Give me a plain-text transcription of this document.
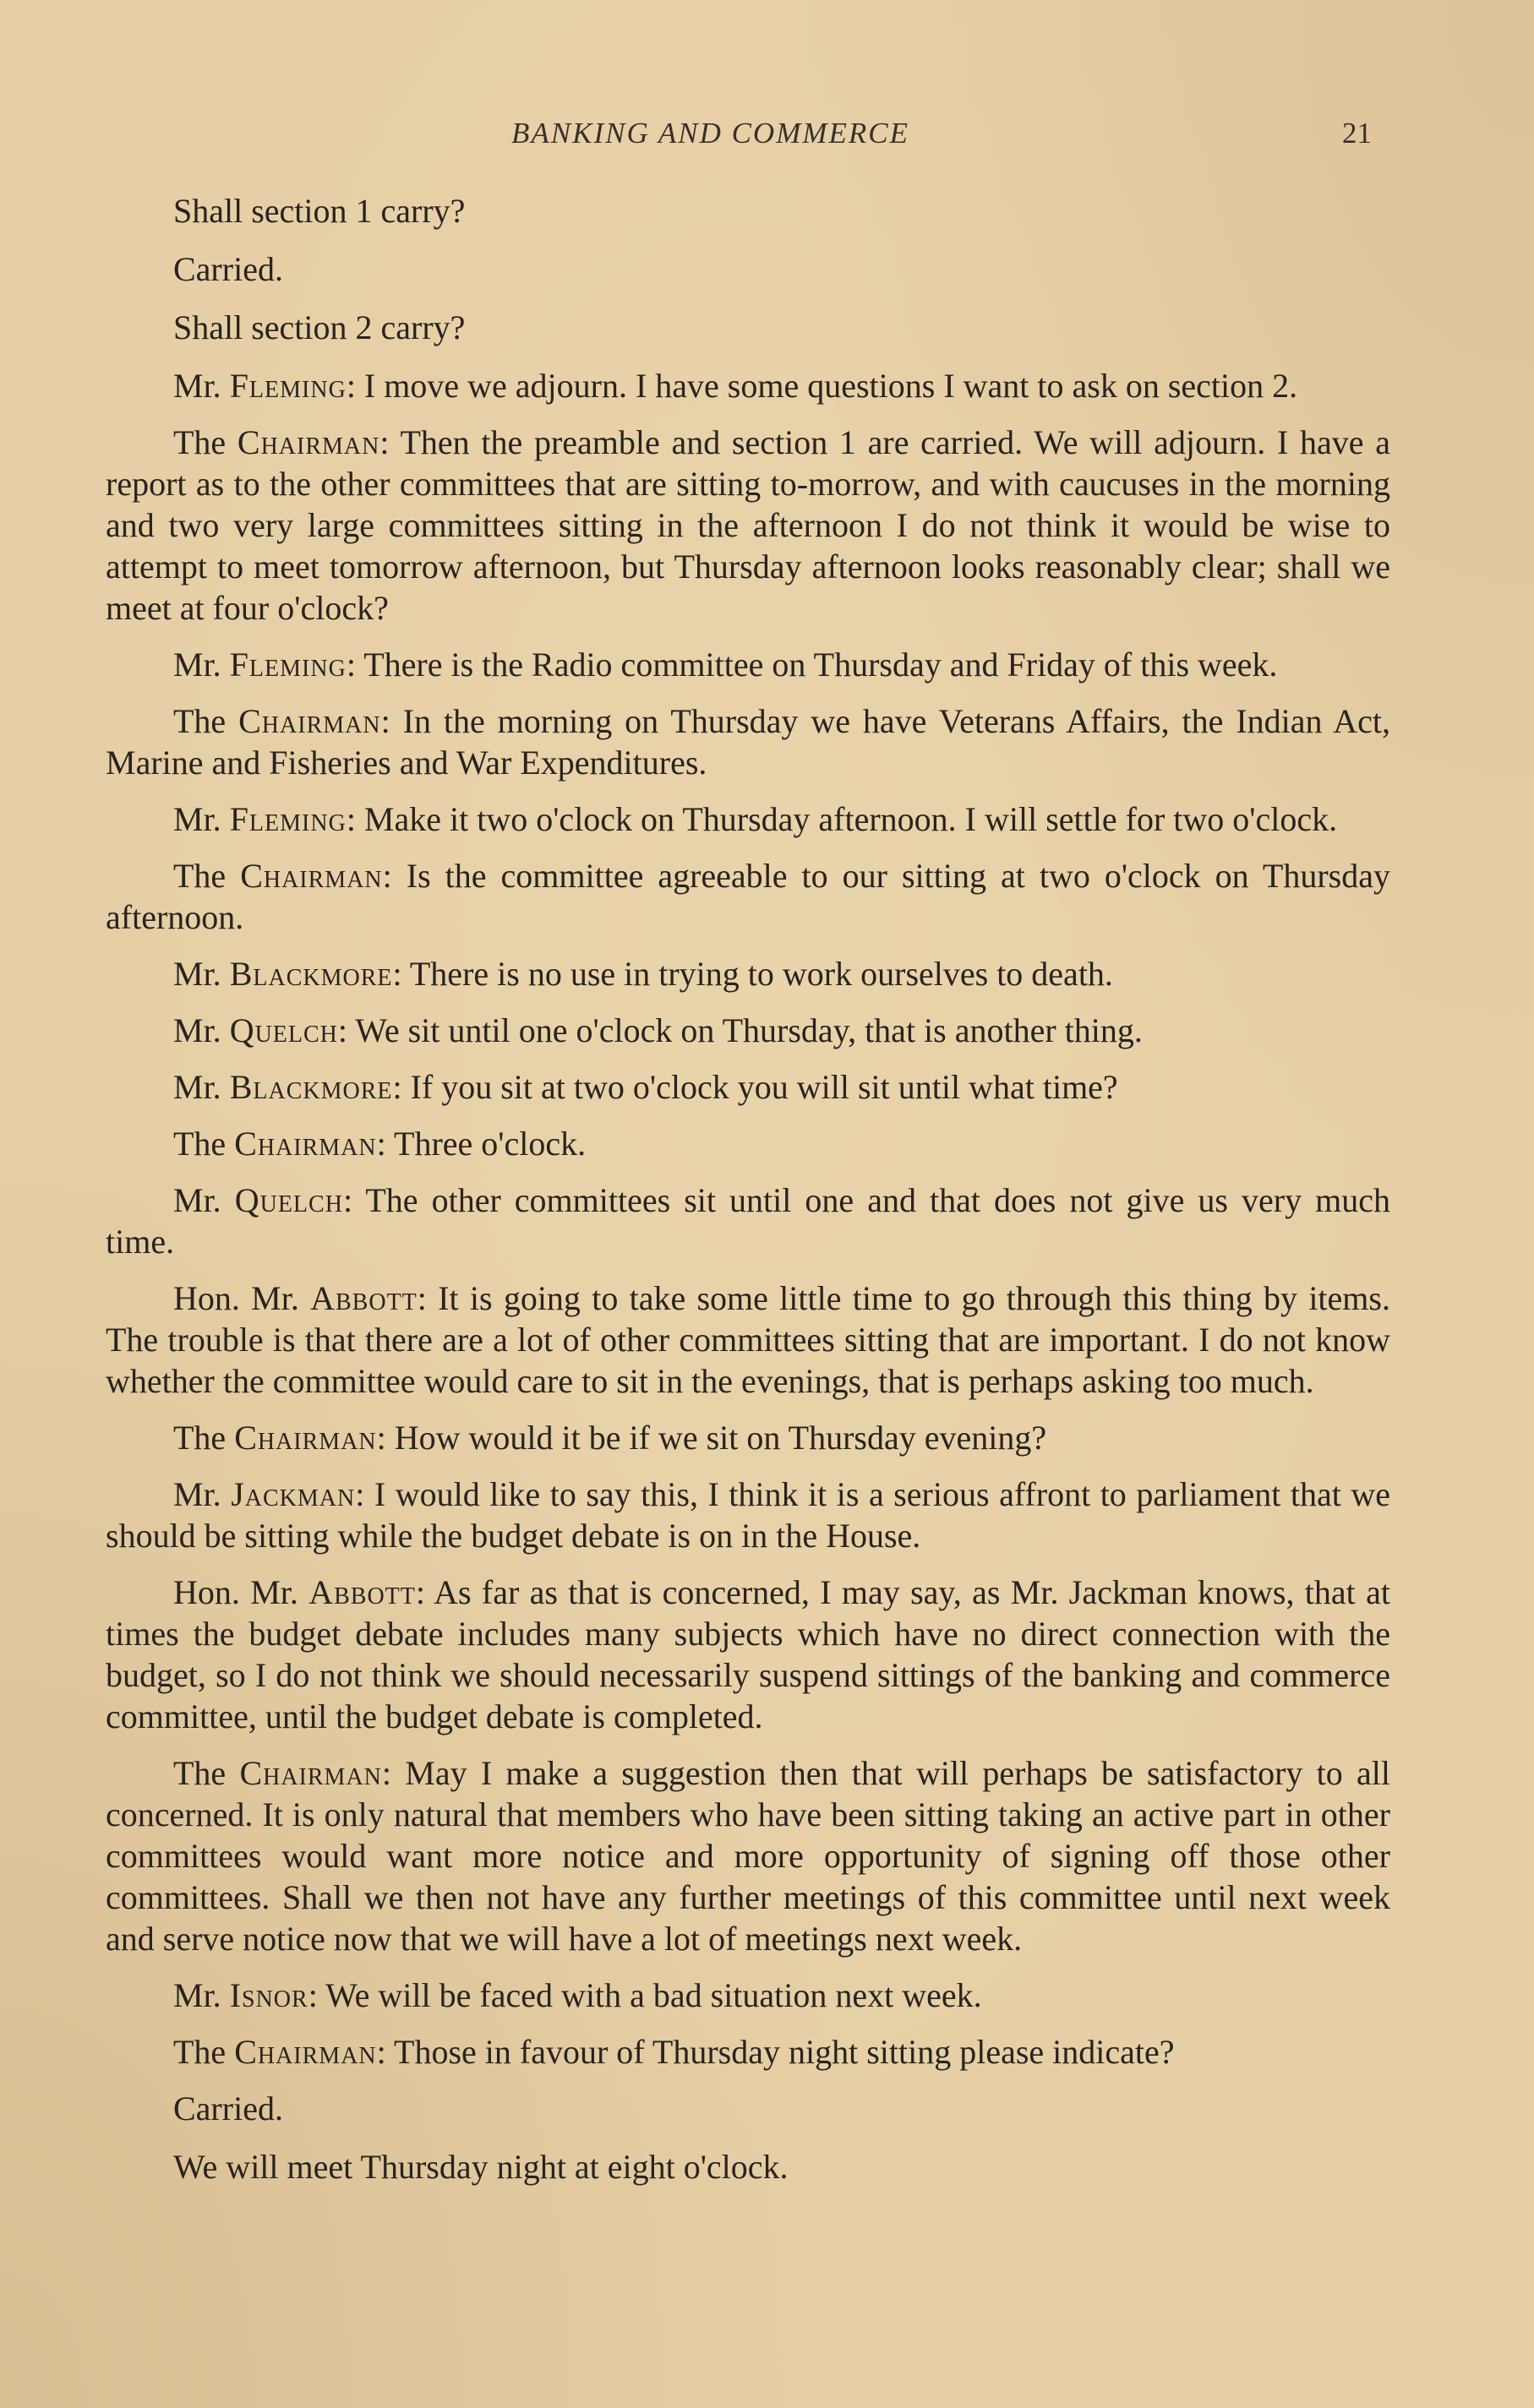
BANKING AND COMMERCE	21

Shall section 1 carry?

Carried.

Shall section 2 carry?

Mr. Fleming: I move we adjourn. I have some questions I want to ask on section 2.

The Chairman: Then the preamble and section 1 are carried. We will adjourn. I have a report as to the other committees that are sitting to-morrow, and with caucuses in the morning and two very large committees sitting in the afternoon I do not think it would be wise to attempt to meet tomorrow afternoon, but Thursday afternoon looks reasonably clear; shall we meet at four o'clock?

Mr. Fleming: There is the Radio committee on Thursday and Friday of this week.

The Chairman: In the morning on Thursday we have Veterans Affairs, the Indian Act, Marine and Fisheries and War Expenditures.

Mr. Fleming: Make it two o'clock on Thursday afternoon. I will settle for two o'clock.

The Chairman: Is the committee agreeable to our sitting at two o'clock on Thursday afternoon.

Mr. Blackmore: There is no use in trying to work ourselves to death.

Mr. Quelch: We sit until one o'clock on Thursday, that is another thing.

Mr. Blackmore: If you sit at two o'clock you will sit until what time?

The Chairman: Three o'clock.

Mr. Quelch: The other committees sit until one and that does not give us very much time.

Hon. Mr. Abbott: It is going to take some little time to go through this thing by items. The trouble is that there are a lot of other committees sitting that are important. I do not know whether the committee would care to sit in the evenings, that is perhaps asking too much.

The Chairman: How would it be if we sit on Thursday evening?

Mr. Jackman: I would like to say this, I think it is a serious affront to parliament that we should be sitting while the budget debate is on in the House.

Hon. Mr. Abbott: As far as that is concerned, I may say, as Mr. Jackman knows, that at times the budget debate includes many subjects which have no direct connection with the budget, so I do not think we should necessarily suspend sittings of the banking and commerce committee, until the budget debate is completed.

The Chairman: May I make a suggestion then that will perhaps be satisfactory to all concerned. It is only natural that members who have been sitting taking an active part in other committees would want more notice and more opportunity of signing off those other committees. Shall we then not have any further meetings of this committee until next week and serve notice now that we will have a lot of meetings next week.

Mr. Isnor: We will be faced with a bad situation next week.

The Chairman: Those in favour of Thursday night sitting please indicate?

Carried.

We will meet Thursday night at eight o'clock.
